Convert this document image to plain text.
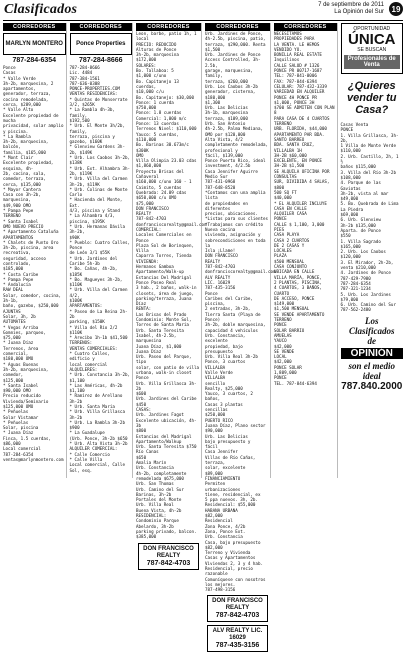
Clasificados	7 de septiembre de 2011
La Opinión del Sur 19
CORREDORES
MARLYN MONTERO
787-284-6354
Ponce
Casas
* Valle Verde
3h-2b, marquesina, 2 apartamentos,
generador, terraza, cocina remodelada,
cerca, $289,000
* Valle Alto
Excelente propiedad de mucha
privacidad, solar amplio y piscina.
* La Rambla
3h-2b, marquesina, balcón,
familia, $165,000
* Mont Clair
Excelente propiedad, esquina, 4h-
2b, cocina, sala, comedor, terraza,
cerca, $135,000
* Mayor Cantera
Casa con 3h-2b, marquesina,
$49,900 OMO
* Pampa Pepe
TERRENO
* Santa Isabel
OMO NUEVO PRECIO
* Apartamento Cataluña
APARTAMENTOS
* Chalets de Punto Oro
3h-2b, piscina, area recreativa,
seguridad, acceso controlado,
$185,000
* Costa Caribe
* Pampa Pepe
* Andalucía
RAW DEAL
Solar, comedor, cocina, 3h-1b,
baño, gazebo, $250,000
AJUNTAS
Solar, 3h, 2b
AUTOMATES
* Vegas Arriba
Gomnies, parqueo, $75,000
* Juana Díaz
Terrenos, área comercial,
$180,000 OMO
* Aguas Buenas
3h-2b, marquesina, comedor,
$125,000
* Santa Isabel
$90,000 OMO
Precio reducido
Vivienda/Seminario
$125,000 OMO
* Peñuelas
Solar Vistamar
* Peñuelas
Solar, piscina
* Juana Díaz
Finca, 1.5 cuerdas,
$86,000
Local comercial
787-284-6354
ventas@marlynmontero.com
CORREDORES
Ponce Properties
787-284-8666
787-284-8666
Lic. 4484
787-384-1561
787-636-0308
PONCE-PROPERTIES.COM
VENTAS RESIDENCIAS:
* Quintas de Monserrate 3/2, $265K
* La Rambla 4h-3b, family,
$192,500
* Urb. El Monte 3h/2b, family,
terraza, piscina y gazebo, $160K
* Glenview Gardens 3h-2b, $149K
* Urb. Los Caobos 3h-2b, $138K
* Urb. Ext. Alhambra 3h-2b, $119K
* Urb. Villa del Carmen 3h-2b, $119K
* Urb. Colinas de Monte Carlo
* Hacienda del Monte, Ext.
4/3, piscina y Stand
* La Alhambra 4/3, piscina, $195K
* Urb. Hermanas Dávila 3h-2b,
$90K
* Pueblo: Cuatro Calles, Ponce
de León 3/1 $55K
* Urb. Jardines del Caribe 5h-3b
* Bo. Cañas, 4h-2b,
$185K
* Bo. Magueyes 3h-2b, $110K
* Urb. Villa del Carmen 4/2,
$100K
APARTAMENTOS:
* Paseo de La Reina 2h-2b
parking, $150K
* Villa del Río 2/2 $110K
* Arecibo 1h-1b $41,500
TERRENOS:
VENTAS COMERCIALES:
* Cuatro Calles, edificio y
local comercial
ALQUILERES:
* Urb. Constancia 3h-2b, $1,100
* Las Américas, 4h-2b
$1,100
* Ramírez de Arellano 3h-2b
* Urb. Santa María
* Urb. Villa Grillasca 3h-2b
* Urb. La Rambla 3h-2b $900
* La Guadalupe
(Urb. Ponce, 3h-2b $650
* Urb. Alta Vista 3h-2b
ALQUILER COMERCIAL:
* Calle Comercio
* Calle Villa
Local comercial, Calle Sol, esq.
CORREDORES
Leon, barbe, patio 1h, 1 local
PRECIO: REDUCIDO
Alturas de Ponce
3h-2b, marquesina
$172,000
SOLARES:
Bo. Tallaboa: 5
$1,000 c/uno
Bo. Capitanejo 13 cuerdas,
$10,000 c/u
Bo. Capitanejo: $30,000
Ponce: 1 cuerda
$750,000
Ponce: 1.8 cuerdas
Comercial: 1,000 m/c
Ponce: 13 cuerdas
Terrenos Nivel: $110,000
Yauco: 5 cuerdas, $110,000
Bo. Barinas 30.673m/c $300K
OMO
Villa Olimpia 23.03 cdas
$1,860,000
Proyecto Brisas del Cañaveral
$160,000 c/uno 160 - 1
Caimito, 5 cuerdas
Quebrada: 24.09 cdas
$650,000 c/u OMO
$75,000
DON FRANCISCO
REALTY
787-842-4703
donfranciscorealty@gmail.com
COMERCIAL:
Locales Comerciales en
Ponce
Plaza Sol de Borinquen, Villa
Caparra Torres, Tienda
VIVIENDA:
Hermanos Gamboa
Apartamento/Walk-up
Estancias Del Madrigal
Ponce Paseo Real
3 hab., 2 baños, walk-in
closets, área de juego,
parking/terraza, Juana Díaz
RENTA:
Las Brisas del Prado
Condominio: Monte Sol,
Torres de Santa María
Urb. Santa Teresita
Isabel, 4h-2.5b, marquesina
Juana Díaz, $1,000
Juana Díaz
Urb. Paseo del Parque, tipo
solar, con patio de villa
urbana, walk-in closet
Ponce
Urb. Villa Grillasca 3h-2b
$600
Urb. Jardines del Caribe
$450
CASAS:
Urb. Jardines Fagot
Excelente ubicación, 4h-3b
$800
Estancias del Madrigal
Apartamento/Walkup
Urb. Santa Teresita $750
Río Canas
$650
Amalia Marín
Urb. Constancia
4h-2b, completamente
remodelada $675,000
Urb. San Thomas
Urb. Camino del Sur
Barinas, 3h-2b
Portales del Monte
Urb. Villa Real
Buena Vista, 4h-2b
RESIDENCIAL:
Condominio Parque
Abelardo, 3h-2b
parking privado, balcon.
$385,000
DON FRANCISCO REALTY
787-842-4703
CORREDORES
Urb. Jardines de Ponce,
4h-2.5b, piscina, patio,
terraza, $290,000. Renta
$1,500
Urb. Jardines de Ponce
Access Controlled, 3h-2.5b,
garage, marquesina, family,
terraza, $260,000
Urb. Los Caobos 3h-2b
generador, cisterna, $180,000
$1,300
Urb. Las Delicias
3h-1b, marquesina
terraza, $109,000
Urb. San Antonio
4h-2.5b, Palma Mediana,
OMO por $120,000
Alta Vista, 4/2
completamente remodelada,
profesional y
fácil, $139,000
Ponce Puerto Rico, ideal
investment, 4/2.5b
Casa Jennifer Aguirre
Medio Sur
787-431-0968
787-648-8520
*Contamos con una amplia lista
de propiedades en diferentes
precios, ubicaciones.
*Listas para sus clientes
*Trabajamos con crédito
Nueva cocina
vivienda, asignación y
sobrecondiciones en toda la
Isla ¡Llame!
DON FRANCISCO
REALTY
787-842-4703
donfranciscorealty@gmail.com
ALV REALTY
LIC. 16029
787-435-3156
Ponce
Caribes del Caribe, piscina,
2 entradas, 3h-2b,
Tierra Santa (Playa de Ponce)
3h-2b, doble marquesina,
capacidad 4 vehículos
Urb. Constancia, excelente
propiedad, bajo presupuesto
Urb. Villa Real 3h-2b
Ponce, 3 cuartos
VILLALBA
Valle Verde
VILLALBA
sencillo
Realty, $25,000
Yauco, 3 cuartos, 2 baños,
Casas 3 plantas
sencillas
$250,000
PUERTO RICO
Juana Díaz, Plano sector
$90,000
Urb. Las Delicias
bajo presupuesto y
fácil
Casa Jennifer
Villas de Río Cañas, terraza,
solar, excelente
$89,000
FINANCIAMIENTO
Permiten
urbanizaciones
tiene, residencial, ex
5 ppa nuevos. 3h, 2b.
Residencial: $55,000
HABANA URBANA
$82,000
Residencial
Zona Ponce, 4/2b
Zona, Ponce Ext.
Urb. Constancia
Casa, bajo presupuesto
$82,000
Terreno y Vivienda
Casas y Apartamentos
Viviendas 2, 3 y 4 hab.
Residencial, precio razonable
Comuníquese con nosotros
los mejores.
787-498-3156
DON FRANCISCO REALTY
787-842-4703
ALV REALTY LIC. 16029
787-435-3156
CORREDORES
NECESITAMOS
PROPIEDADES PARA
LA VENTA. LE HEMOS
VENDIDO YO.
BONILLA REAL ESTATE
Inquilinos
CALLE SALUD # 1326
PONCE PR 00717-1687
TEL: 787-841-0006
FAX: 787-844-6394
CELULAR: 787-432-3339
VARIEDAD EN ALQUILER
PONCE 4H PONCE PR
$1,000, PONCE 3H
$700 SE ADMITEN CON PLAN 8
PARA CASA DE 4 CUARTOS
TERRENO
URB. FLORIDA, $44,000
APARTAMENTO PAR BDA.
SANTO BARREO
BDA. SANTA CRUZ,
VILLALBA 1H
3H-2B $60,000
EXCELENTE, EN PONCE
3H-2B $1,500
SE ALQUILA OFICINA POR
CONSULTAS
SUR, DIVIDIDA 4 SALAS,
$800
500 SQ FT
$40,000
* EL ALQUILER INCLUYE
CASA EN CALLE
ALQUILER CASA
PONCE
CALLE $ 1,100, 3,000 PIES
CASA PLAYA
CASA 2 CUARTOS
DE 2 CASAS Y
LOCALES
PLAZA
$500 MENSUAL
CASA CONJUNTO
UBICADA EN CALLE
VILLA MARÍA, PONCE,
2 PLANTAS, PISCINA,
4 CUARTOS, 3 BAÑOS,
CUARTO
DE ACCESO, PONCE
$149,000
$1,500 MENSUAL
SE VENDE APARTAMENTO
TERRENO
PONCE
SOLAR BARRIO
AMUELAS
YAUCO
$42,000
SE VENDE
LOCAL
$42,000
PONCE SOLAR
1,809,000
PONCE
TEL. 787-844-6394
OPORTUNIDAD
ÚNICA
SE BUSCAN
Profesionales de Venta
¿Quieres vender tu Casa?
Casas Venta
PONCE
1. Villa Grillasca, 3h-2b,
1 Villa de Monte Verde
$110,000
2. Urb. Castillo, 2h, 1 ½
baños $115,000
3. Villa del Río 3h-2b
$108,000
4. Parque de las Gaviotas
3h-2b, vista al mar
$49,000
5. Bo. Quebrada de Lima
La Piedra
$69,000
6. Urb. Glenview
3h-2b $135,000
Aparta. de Ponce
$550
1. Villa Sagrado $165,000
2. Urb. Los Caobos
$120,000
3. El Mirador, 2h-2b,
venta $210,000
4. Jardines de Ponce
787-429-7980
787-284-6354
787-321-1234
5. Urb. Los Jardines
$79,000
6. Urb. Camino del Sur
787-562-2480
Los
Clasificados
de
OPINIÓN
son el medio ideal
787.840.2000
